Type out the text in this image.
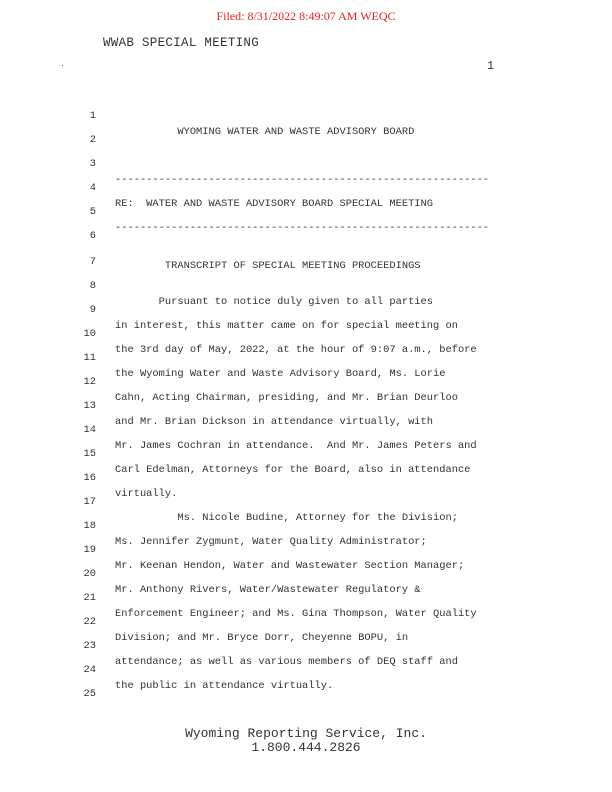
Filed: 8/31/2022 8:49:07 AM WEQC
WWAB SPECIAL MEETING
.	1

1

WYOMING WATER AND WASTE ADVISORY BOARD

2

3

------------------------------------------------------------

4

RE:  WATER AND WASTE ADVISORY BOARD SPECIAL MEETING

5

------------------------------------------------------------

6

TRANSCRIPT OF SPECIAL MEETING PROCEEDINGS

7

8

Pursuant to notice duly given to all parties

9

in interest, this matter came on for special meeting on

10

the 3rd day of May, 2022, at the hour of 9:07 a.m., before

11

the Wyoming Water and Waste Advisory Board, Ms. Lorie

12

Cahn, Acting Chairman, presiding, and Mr. Brian Deurloo

13

and Mr. Brian Dickson in attendance virtually, with

14

Mr. James Cochran in attendance.  And Mr. James Peters and

15

Carl Edelman, Attorneys for the Board, also in attendance

16

virtually.

17

Ms. Nicole Budine, Attorney for the Division;

18

Ms. Jennifer Zygmunt, Water Quality Administrator;

19

Mr. Keenan Hendon, Water and Wastewater Section Manager;

20

Mr. Anthony Rivers, Water/Wastewater Regulatory &

21

Enforcement Engineer; and Ms. Gina Thompson, Water Quality

22

Division; and Mr. Bryce Dorr, Cheyenne BOPU, in

23

attendance; as well as various members of DEQ staff and

24

the public in attendance virtually.

25

Wyoming Reporting Service, Inc.
1.800.444.2826
